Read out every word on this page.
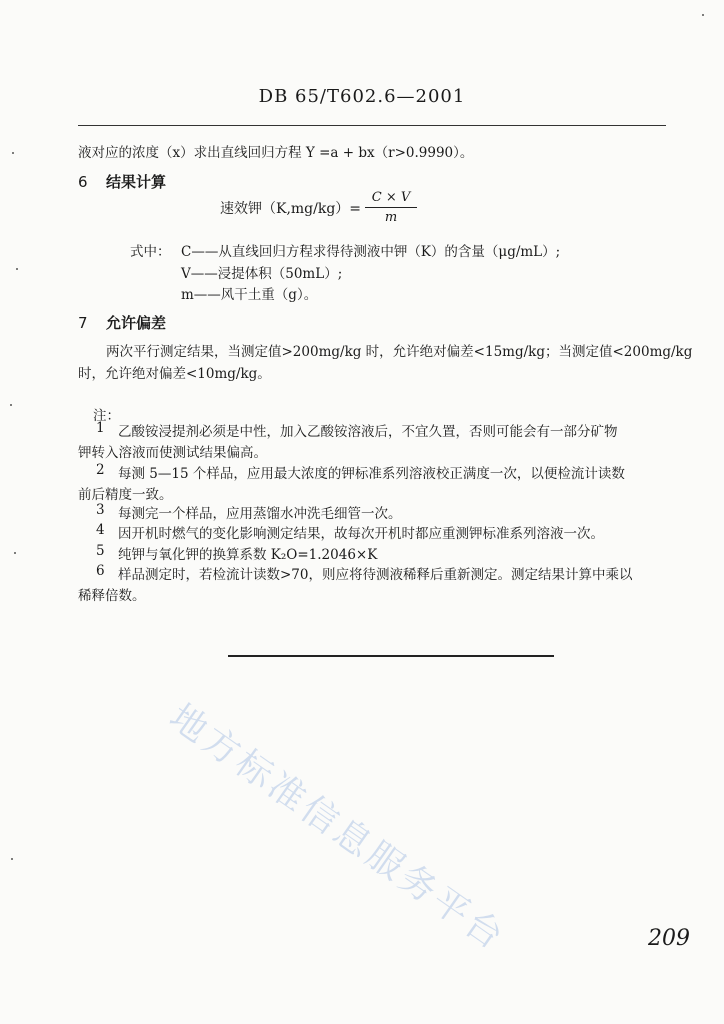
DB 65/T602.6—2001
液对应的浓度（x）求出直线回归方程 Y =a + bx（r>0.9990）。
6 结果计算
速效钾$(K,mg/kg)= \frac{C \times V}{m}$
式中： C——从直线回归方程求得待测液中钾（K）的含量（μg/mL）;
V——浸提体积（50mL）;
m——风干土重（g）。
7 允许偏差
两次平行测定结果，当测定值>200mg/kg 时，允许绝对偏差<15mg/kg；当测定值<200mg/kg
时，允许绝对偏差<10mg/kg。
注：
1 乙酸铵浸提剂必须是中性，加入乙酸铵溶液后，不宜久置，否则可能会有一部分矿物
钾转入溶液而使测试结果偏高。
2 每测 5—15 个样品，应用最大浓度的钾标准系列溶液校正满度一次，以便检流计读数
前后精度一致。
3 每测完一个样品，应用蒸馏水冲洗毛细管一次。
4 因开机时燃气的变化影响测定结果，故每次开机时都应重测钾标准系列溶液一次。
5 纯钾与氧化钾的换算系数 K₂O=1.2046×K
6 样品测定时，若检流计读数>70，则应将待测液稀释后重新测定。测定结果计算中乘以
稀释倍数。
地方标准信息服务平台	209
